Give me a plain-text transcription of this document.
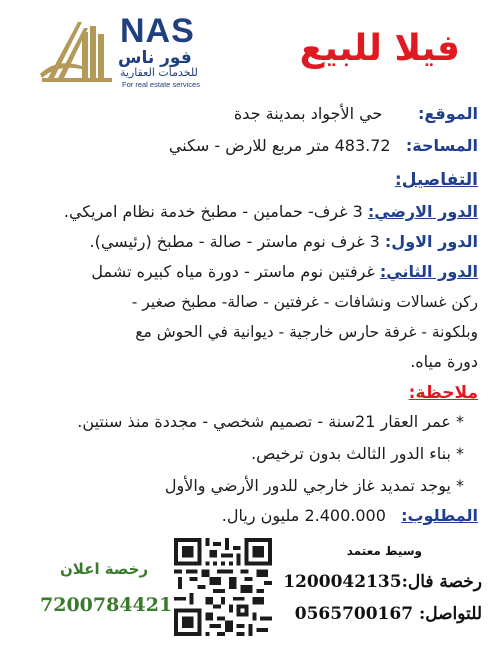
NAS
فور ناس
للخدمات العقارية
For real estate services
فيلا للبيع
الموقع:       حي الأجواد بمدينة جدة
المساحة:   483.72 متر مربع للارض - سكني
التفاصيل:
الدور الارضي: 3 غرف- حمامين - مطبخ خدمة نظام امريكي.
الدور الاول: 3 غرف نوم ماستر - صالة - مطبخ (رئيسي).
الدور الثاني: غرفتين نوم ماستر - دورة مياه كبيره تشمل
ركن غسالات ونشافات - غرفتين - صالة- مطبخ صغير -
وبلكونة - غرفة حارس خارجية - ديوانية في الحوش مع
دورة مياه.
ملاحظة:
* عمر العقار 21سنة - تصميم شخصي - مجددة منذ سنتين.
* بناء الدور الثالث بدون ترخيص.
* يوجد تمديد غاز خارجي للدور الأرضي والأول
المطلوب:   2.400.000 مليون ريال.
رخصة اعلان
7200784421
وسيط معتمد
رخصة فال:1200042135
للتواصل: 0565700167
